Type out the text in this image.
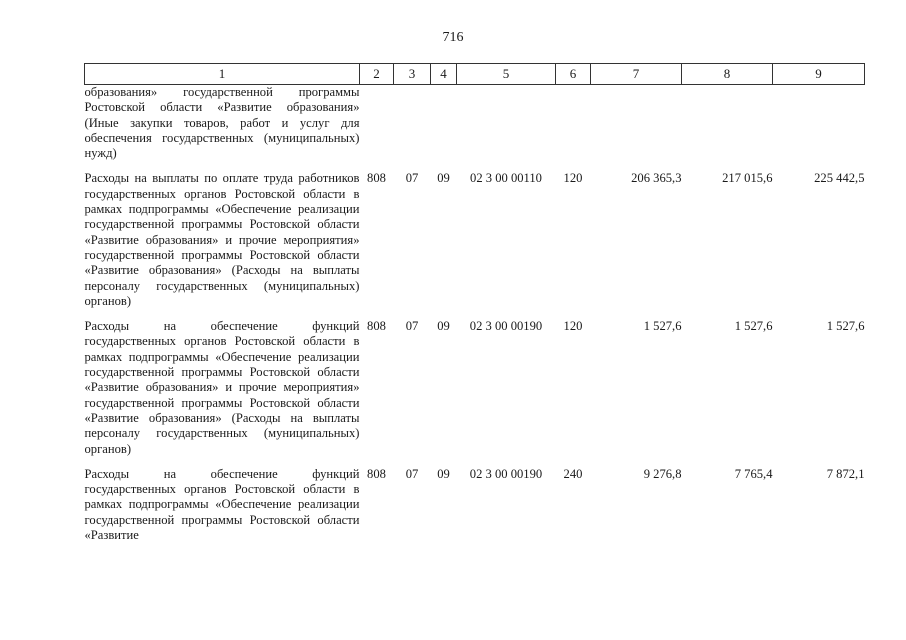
716
1	2	3	4	5	6	7	8	9
образования» государственной программы Ростовской области «Развитие образования» (Иные закупки товаров, работ и услуг для обеспечения государственных (муниципальных) нужд)								

Расходы на выплаты по оплате труда работников государственных органов Ростовской области в рамках подпрограммы «Обеспечение реализации государственной программы Ростовской области «Развитие образования» и прочие мероприятия» государственной программы Ростовской области «Развитие образования» (Расходы на выплаты персоналу государственных (муниципальных) органов)	808	07	09	02 3 00 00110	120	206 365,3	217 015,6	225 442,5

Расходы на обеспечение функций государственных органов Ростовской области в рамках подпрограммы «Обеспечение реализации государственной программы Ростовской области «Развитие образования» и прочие мероприятия» государственной программы Ростовской области «Развитие образования» (Расходы на выплаты персоналу государственных (муниципальных) органов)	808	07	09	02 3 00 00190	120	1 527,6	1 527,6	1 527,6

Расходы на обеспечение функций государственных органов Ростовской области в рамках подпрограммы «Обеспечение реализации государственной программы Ростовской области «Развитие	808	07	09	02 3 00 00190	240	9 276,8	7 765,4	7 872,1
